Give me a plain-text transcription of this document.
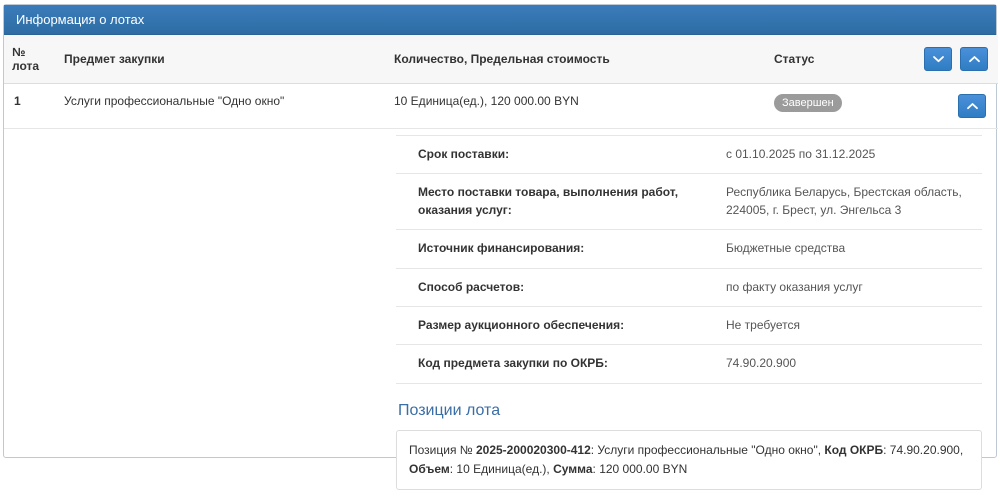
Информация о лотах
№
лота	Предмет закупки	Количество, Предельная стоимость	Статус	

1	Услуги профессиональные "Одно окно"	10 Единица(ед.), 120 000.00 BYN	Завершен	
Срок поставки:	с 01.10.2025 по 31.12.2025
Место поставки товара, выполнения работ, оказания услуг:	Республика Беларусь, Брестская область, 224005, г. Брест, ул. Энгельса 3
Источник финансирования:	Бюджетные средства
Способ расчетов:	по факту оказания услуг
Размер аукционного обеспечения:	Не требуется
Код предмета закупки по ОКРБ:	74.90.20.900
Позиции лота
Позиция № 2025-200020300-412: Услуги профессиональные "Одно окно", Код ОКРБ: 74.90.20.900, Объем: 10 Единица(ед.), Сумма: 120 000.00 BYN
